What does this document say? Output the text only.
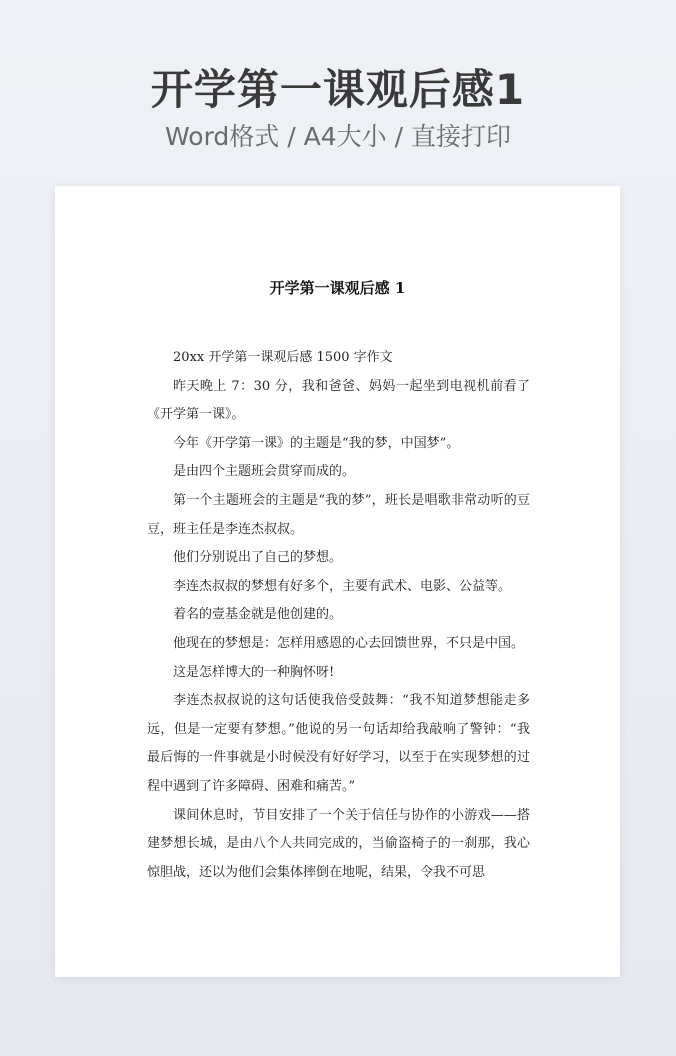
开学第一课观后感1
Word格式 / A4大小 / 直接打印
开学第一课观后感 1

20xx 开学第一课观后感 1500 字作文

昨天晚上 7：30 分，我和爸爸、妈妈一起坐到电视机前看了《开学第一课》。

今年《开学第一课》的主题是“我的梦，中国梦”。

是由四个主题班会贯穿而成的。

第一个主题班会的主题是“我的梦”，班长是唱歌非常动听的豆豆，班主任是李连杰叔叔。

他们分别说出了自己的梦想。

李连杰叔叔的梦想有好多个，主要有武术、电影、公益等。

着名的壹基金就是他创建的。

他现在的梦想是：怎样用感恩的心去回馈世界，不只是中国。

这是怎样博大的一种胸怀呀!

李连杰叔叔说的这句话使我倍受鼓舞：“我不知道梦想能走多远，但是一定要有梦想。”他说的另一句话却给我敲响了警钟：“我最后悔的一件事就是小时候没有好好学习，以至于在实现梦想的过程中遇到了许多障碍、困难和痛苦。”

课间休息时，节目安排了一个关于信任与协作的小游戏——搭建梦想长城，是由八个人共同完成的，当偷盗椅子的一刹那，我心惊胆战，还以为他们会集体摔倒在地呢，结果，令我不可思
